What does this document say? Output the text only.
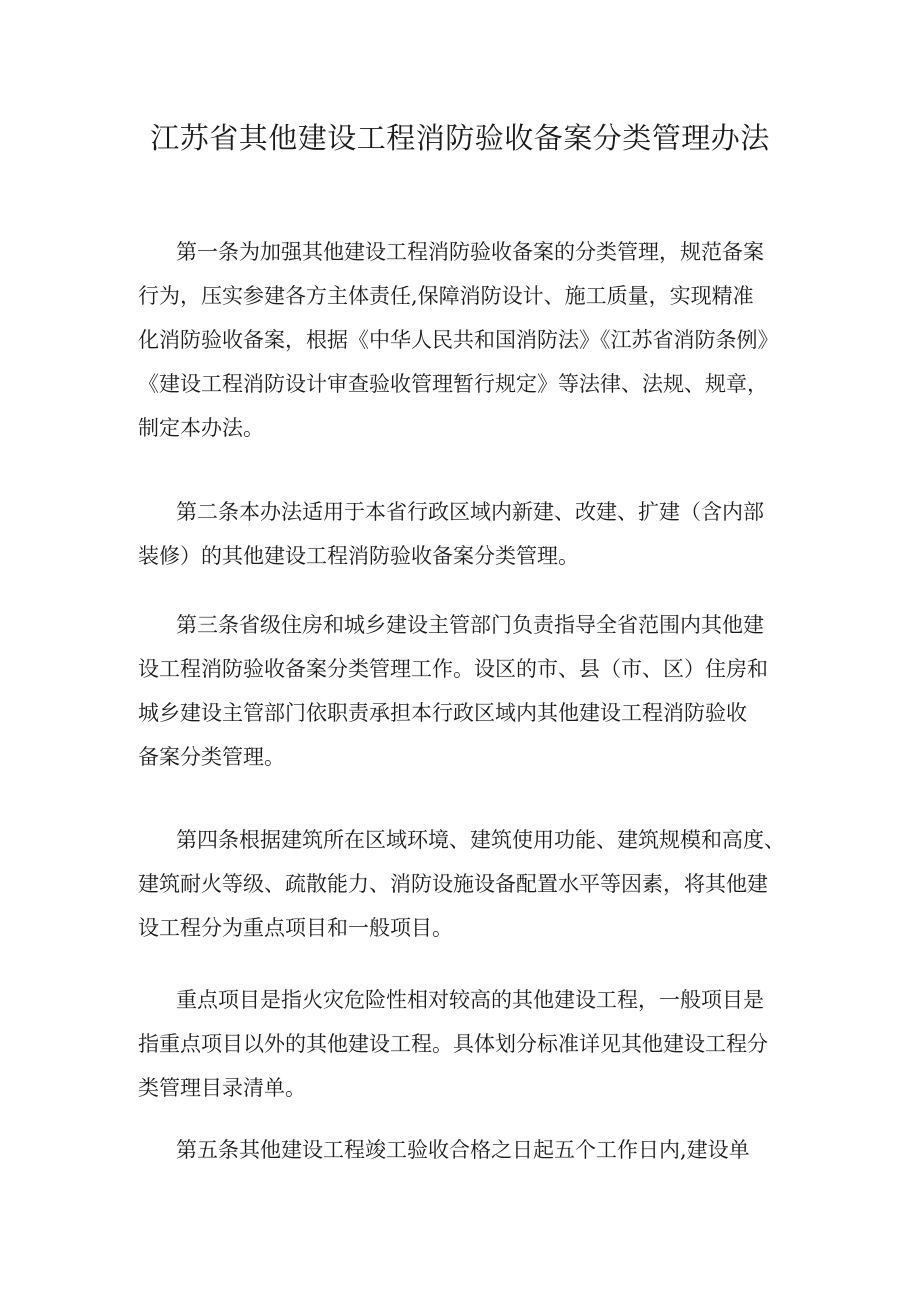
江苏省其他建设工程消防验收备案分类管理办法
第一条为加强其他建设工程消防验收备案的分类管理，规范备案
行为，压实参建各方主体责任,保障消防设计、施工质量，实现精准
化消防验收备案，根据《中华人民共和国消防法》《江苏省消防条例》
《建设工程消防设计审查验收管理暂行规定》等法律、法规、规章，
制定本办法。
第二条本办法适用于本省行政区域内新建、改建、扩建（含内部
装修）的其他建设工程消防验收备案分类管理。
第三条省级住房和城乡建设主管部门负责指导全省范围内其他建
设工程消防验收备案分类管理工作。设区的市、县（市、区）住房和
城乡建设主管部门依职责承担本行政区域内其他建设工程消防验收
备案分类管理。
第四条根据建筑所在区域环境、建筑使用功能、建筑规模和高度、
建筑耐火等级、疏散能力、消防设施设备配置水平等因素，将其他建
设工程分为重点项目和一般项目。
重点项目是指火灾危险性相对较高的其他建设工程，一般项目是
指重点项目以外的其他建设工程。具体划分标准详见其他建设工程分
类管理目录清单。
第五条其他建设工程竣工验收合格之日起五个工作日内,建设单
